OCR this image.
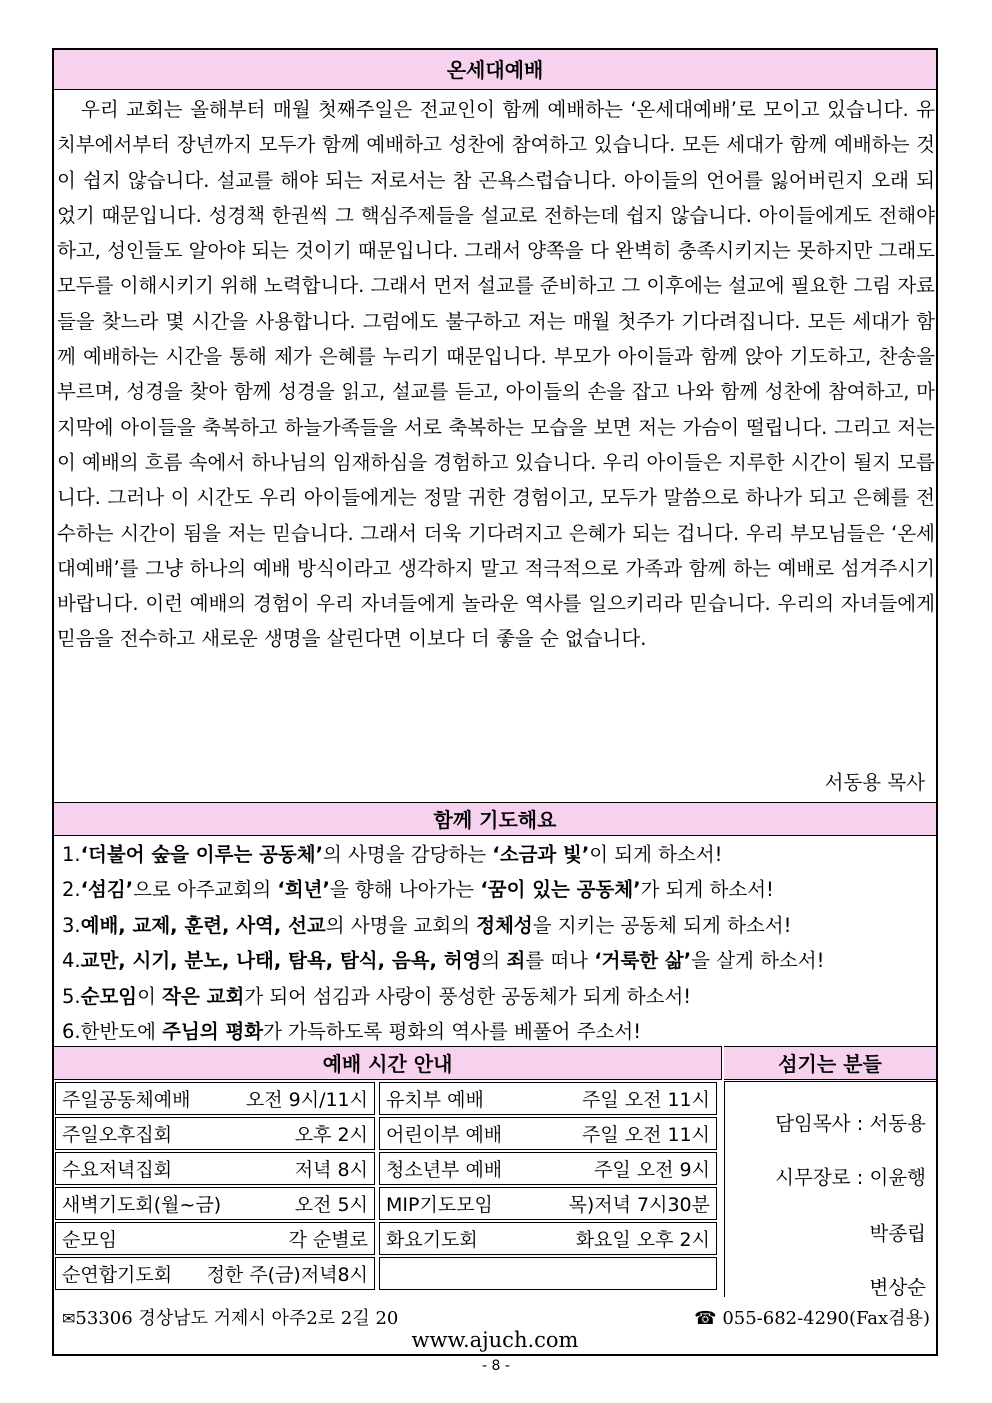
온세대예배

우리 교회는 올해부터 매월 첫째주일은 전교인이 함께 예배하는 ‘온세대예배’로 모이고 있습니다. 유치부에서부터 장년까지 모두가 함께 예배하고 성찬에 참여하고 있습니다. 모든 세대가 함께 예배하는 것이 쉽지 않습니다. 설교를 해야 되는 저로서는 참 곤욕스럽습니다. 아이들의 언어를 잃어버린지 오래 되었기 때문입니다. 성경책 한권씩 그 핵심주제들을 설교로 전하는데 쉽지 않습니다. 아이들에게도 전해야 하고, 성인들도 알아야 되는 것이기 때문입니다. 그래서 양쪽을 다 완벽히 충족시키지는 못하지만 그래도 모두를 이해시키기 위해 노력합니다. 그래서 먼저 설교를 준비하고 그 이후에는 설교에 필요한 그림 자료들을 찾느라 몇 시간을 사용합니다. 그럼에도 불구하고 저는 매월 첫주가 기다려집니다. 모든 세대가 함께 예배하는 시간을 통해 제가 은혜를 누리기 때문입니다. 부모가 아이들과 함께 앉아 기도하고, 찬송을 부르며, 성경을 찾아 함께 성경을 읽고, 설교를 듣고, 아이들의 손을 잡고 나와 함께 성찬에 참여하고, 마지막에 아이들을 축복하고 하늘가족들을 서로 축복하는 모습을 보면 저는 가슴이 떨립니다. 그리고 저는 이 예배의 흐름 속에서 하나님의 임재하심을 경험하고 있습니다. 우리 아이들은 지루한 시간이 될지 모릅니다. 그러나 이 시간도 우리 아이들에게는 정말 귀한 경험이고, 모두가 말씀으로 하나가 되고 은혜를 전수하는 시간이 됨을 저는 믿습니다. 그래서 더욱 기다려지고 은혜가 되는 겁니다. 우리 부모님들은 ‘온세대예배’를 그냥 하나의 예배 방식이라고 생각하지 말고 적극적으로 가족과 함께 하는 예배로 섬겨주시기 바랍니다. 이런 예배의 경험이 우리 자녀들에게 놀라운 역사를 일으키리라 믿습니다. 우리의 자녀들에게 믿음을 전수하고 새로운 생명을 살린다면 이보다 더 좋을 순 없습니다.

서동용 목사
함께 기도해요
1.‘더불어 숲을 이루는 공동체’의 사명을 감당하는 ‘소금과 빛’이 되게 하소서!
2.‘섬김’으로 아주교회의 ‘희년’을 향해 나아가는 ‘꿈이 있는 공동체’가 되게 하소서!
3.예배, 교제, 훈련, 사역, 선교의 사명을 교회의 정체성을 지키는 공동체 되게 하소서!
4.교만, 시기, 분노, 나태, 탐욕, 탐식, 음욕, 허영의 죄를 떠나 ‘거룩한 삶’을 살게 하소서!
5.순모임이 작은 교회가 되어 섬김과 사랑이 풍성한 공동체가 되게 하소서!
6.한반도에 주님의 평화가 가득하도록 평화의 역사를 베풀어 주소서!
예배 시간 안내	섬기는 분들
주일공동체예배	오전 9시/11시 유치부 예배	주일 오전 11시
주일오후집회	오후 2시 어린이부 예배	주일 오전 11시
수요저녁집회	저녁 8시 청소년부 예배	주일 오전 9시
새벽기도회(월~금)	오전 5시 MIP기도모임	목)저녁 7시30분
순모임	각 순별로 화요기도회	화요일 오후 2시
순연합기도회 정한 주(금)저녁8시
담임목사 : 서동용
시무장로 : 이윤행
박종립
변상순
✉53306 경상남도 거제시 아주2로 2길 20	☎ 055-682-4290(Fax겸용)
www.ajuch.com
- 8 -
